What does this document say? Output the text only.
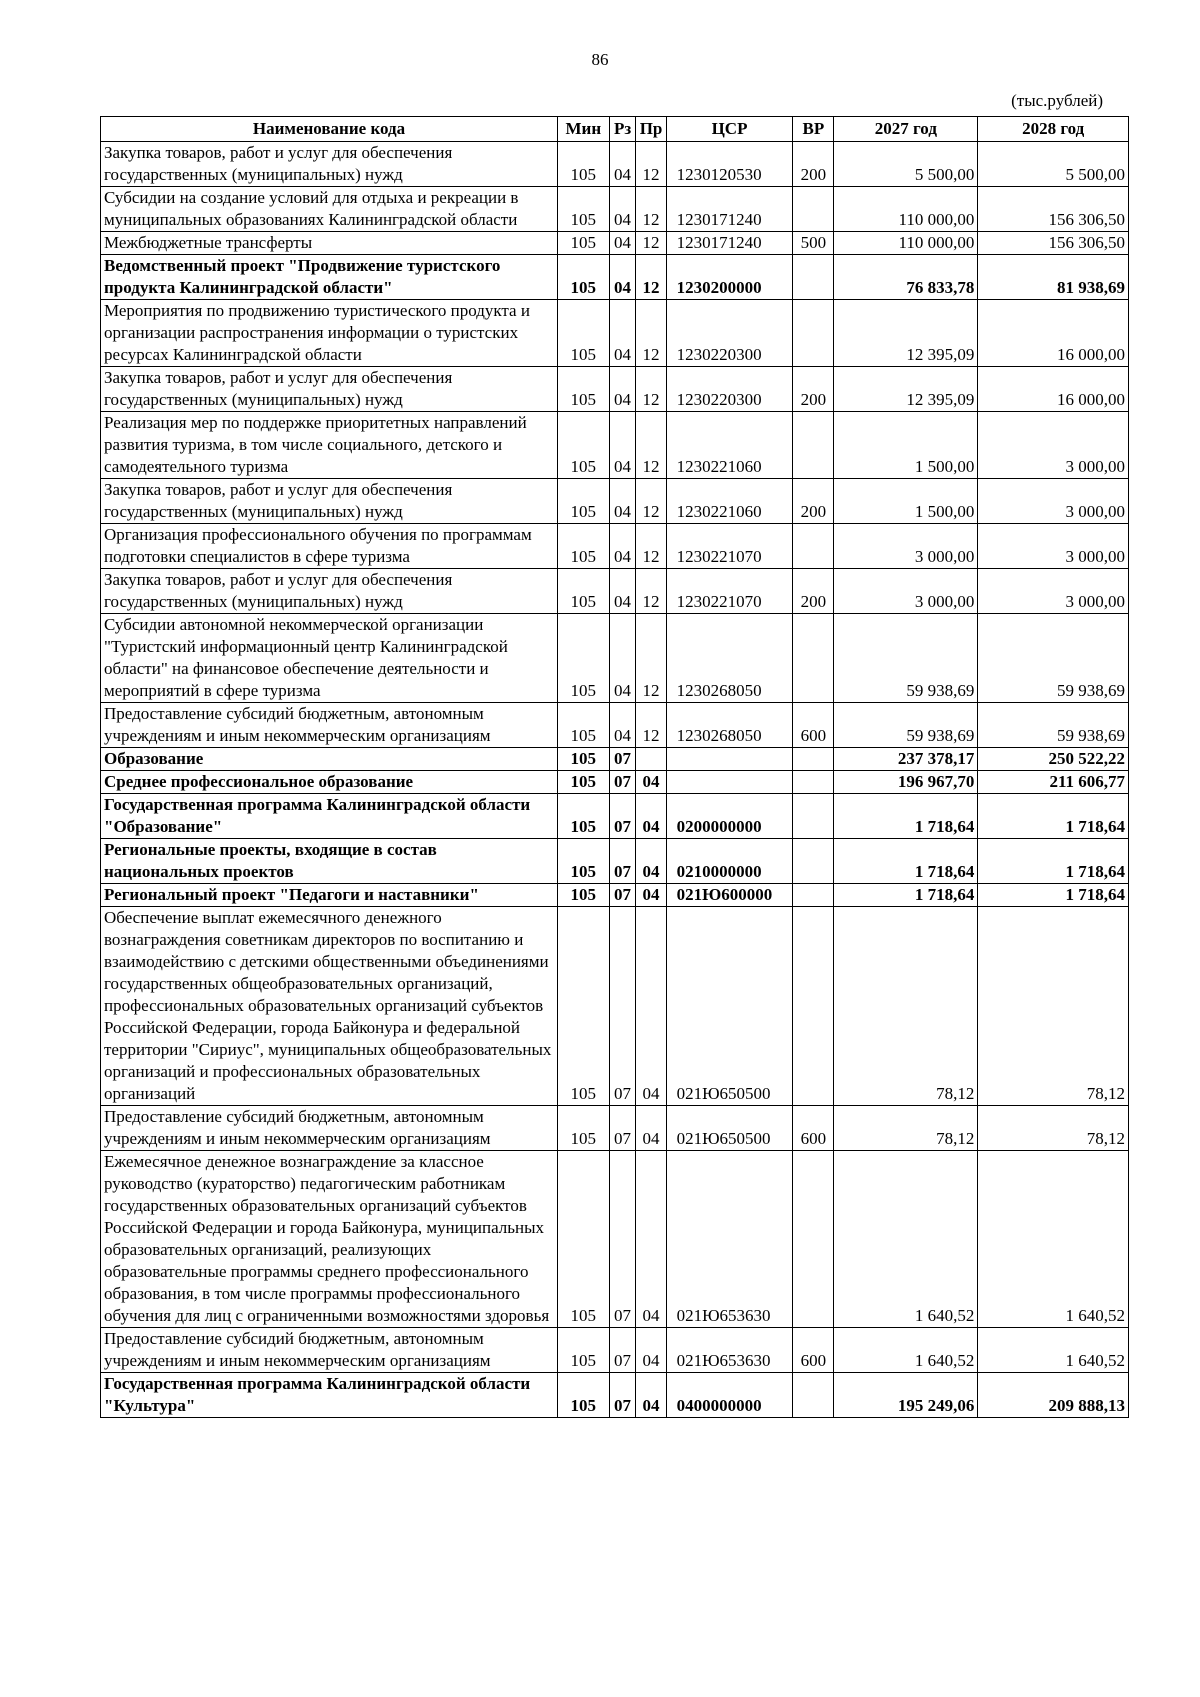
86
(тыс.рублей)
Наименование кода	Мин	Рз	Пр	ЦСР	ВР	2027 год	2028 год
Закупка товаров, работ и услуг для обеспечения государственных (муниципальных) нужд	105	04	12	1230120530	200	5 500,00	5 500,00
Субсидии на создание условий для отдыха и рекреации в муниципальных образованиях Калининградской области	105	04	12	1230171240		110 000,00	156 306,50
Межбюджетные трансферты	105	04	12	1230171240	500	110 000,00	156 306,50
Ведомственный проект "Продвижение туристского продукта Калининградской области"	105	04	12	1230200000		76 833,78	81 938,69
Мероприятия по продвижению туристического продукта и организации распространения информации о туристских ресурсах Калининградской области	105	04	12	1230220300		12 395,09	16 000,00
Закупка товаров, работ и услуг для обеспечения государственных (муниципальных) нужд	105	04	12	1230220300	200	12 395,09	16 000,00
Реализация мер по поддержке приоритетных направлений развития туризма, в том числе социального, детского и самодеятельного туризма	105	04	12	1230221060		1 500,00	3 000,00
Закупка товаров, работ и услуг для обеспечения государственных (муниципальных) нужд	105	04	12	1230221060	200	1 500,00	3 000,00
Организация профессионального обучения по программам подготовки специалистов в сфере туризма	105	04	12	1230221070		3 000,00	3 000,00
Закупка товаров, работ и услуг для обеспечения государственных (муниципальных) нужд	105	04	12	1230221070	200	3 000,00	3 000,00
Субсидии автономной некоммерческой организации "Туристский информационный центр Калининградской области" на финансовое обеспечение деятельности и мероприятий в сфере туризма	105	04	12	1230268050		59 938,69	59 938,69
Предоставление субсидий бюджетным, автономным учреждениям и иным некоммерческим организациям	105	04	12	1230268050	600	59 938,69	59 938,69
Образование	105	07				237 378,17	250 522,22
Среднее профессиональное образование	105	07	04			196 967,70	211 606,77
Государственная программа Калининградской области "Образование"	105	07	04	0200000000		1 718,64	1 718,64
Региональные проекты, входящие в состав национальных проектов	105	07	04	0210000000		1 718,64	1 718,64
Региональный проект "Педагоги и наставники"	105	07	04	021Ю600000		1 718,64	1 718,64
Обеспечение выплат ежемесячного денежного вознаграждения советникам директоров по воспитанию и взаимодействию с детскими общественными объединениями государственных общеобразовательных организаций, профессиональных образовательных организаций субъектов Российской Федерации, города Байконура и федеральной территории "Сириус", муниципальных общеобразовательных организаций и профессиональных образовательных организаций	105	07	04	021Ю650500		78,12	78,12
Предоставление субсидий бюджетным, автономным учреждениям и иным некоммерческим организациям	105	07	04	021Ю650500	600	78,12	78,12
Ежемесячное денежное вознаграждение за классное руководство (кураторство) педагогическим работникам государственных образовательных организаций субъектов Российской Федерации и города Байконура, муниципальных образовательных организаций, реализующих образовательные программы среднего профессионального образования, в том числе программы профессионального обучения для лиц с ограниченными возможностями здоровья	105	07	04	021Ю653630		1 640,52	1 640,52
Предоставление субсидий бюджетным, автономным учреждениям и иным некоммерческим организациям	105	07	04	021Ю653630	600	1 640,52	1 640,52
Государственная программа Калининградской области "Культура"	105	07	04	0400000000		195 249,06	209 888,13
